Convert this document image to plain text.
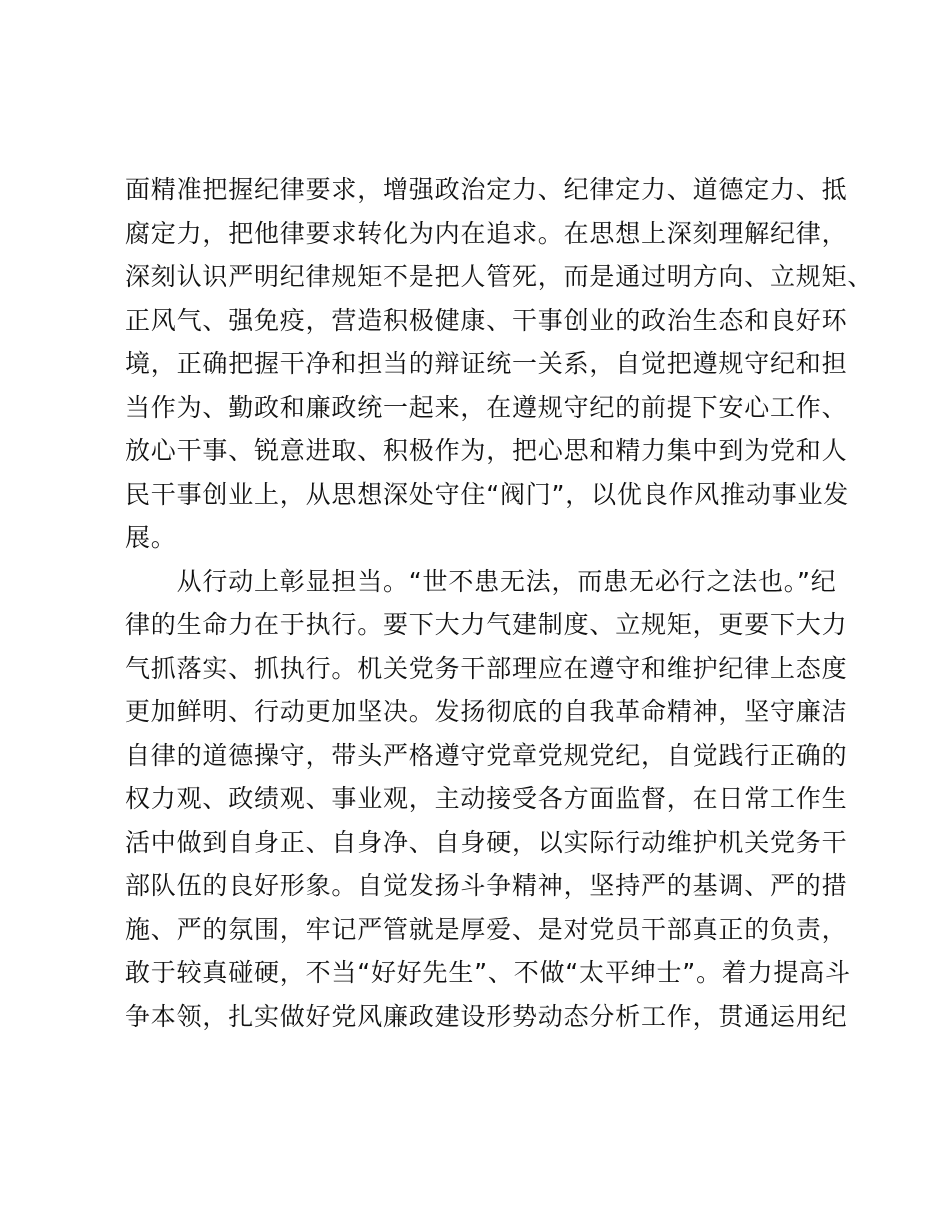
面精准把握纪律要求，增强政治定力、纪律定力、道德定力、抵
腐定力，把他律要求转化为内在追求。在思想上深刻理解纪律，
深刻认识严明纪律规矩不是把人管死，而是通过明方向、立规矩、
正风气、强免疫，营造积极健康、干事创业的政治生态和良好环
境，正确把握干净和担当的辩证统一关系，自觉把遵规守纪和担
当作为、勤政和廉政统一起来，在遵规守纪的前提下安心工作、
放心干事、锐意进取、积极作为，把心思和精力集中到为党和人
民干事创业上，从思想深处守住“阀门”，以优良作风推动事业发
展。
　　从行动上彰显担当。“世不患无法，而患无必行之法也。”纪
律的生命力在于执行。要下大力气建制度、立规矩，更要下大力
气抓落实、抓执行。机关党务干部理应在遵守和维护纪律上态度
更加鲜明、行动更加坚决。发扬彻底的自我革命精神，坚守廉洁
自律的道德操守，带头严格遵守党章党规党纪，自觉践行正确的
权力观、政绩观、事业观，主动接受各方面监督，在日常工作生
活中做到自身正、自身净、自身硬，以实际行动维护机关党务干
部队伍的良好形象。自觉发扬斗争精神，坚持严的基调、严的措
施、严的氛围，牢记严管就是厚爱、是对党员干部真正的负责，
敢于较真碰硬，不当“好好先生”、不做“太平绅士”。着力提高斗
争本领，扎实做好党风廉政建设形势动态分析工作，贯通运用纪
